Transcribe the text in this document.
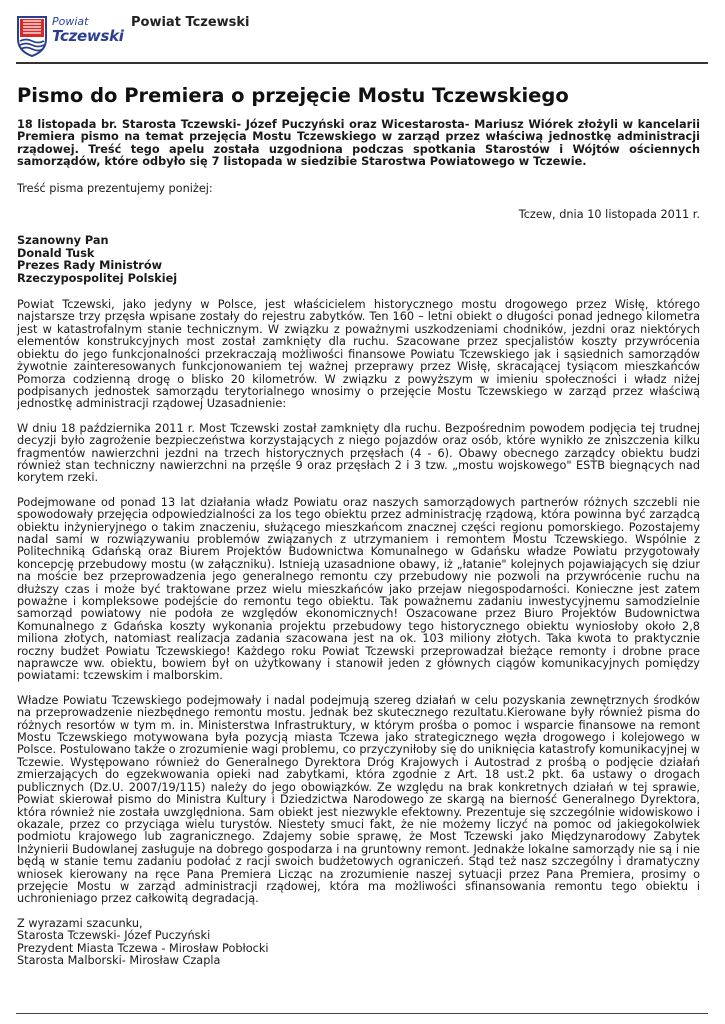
Powiat
Tczewski
Powiat Tczewski
Pismo do Premiera o przejęcie Mostu Tczewskiego

18 listopada br. Starosta Tczewski- Józef Puczyński oraz Wicestarosta- Mariusz Wiórek złożyli w kancelarii Premiera pismo na temat przejęcia Mostu Tczewskiego w zarząd przez właściwą jednostkę administracji rządowej. Treść tego apelu została uzgodniona podczas spotkania Starostów i Wójtów ościennych samorządów, które odbyło się 7 listopada w siedzibie Starostwa Powiatowego w Tczewie.

Treść pisma prezentujemy poniżej:

Tczew, dnia 10 listopada 2011 r.

Szanowny Pan
Donald Tusk
Prezes Rady Ministrów
Rzeczypospolitej Polskiej

Powiat Tczewski, jako jedyny w Polsce, jest właścicielem historycznego mostu drogowego przez Wisłę, którego najstarsze trzy przęsła wpisane zostały do rejestru zabytków. Ten 160 – letni obiekt o długości ponad jednego kilometra jest w katastrofalnym stanie technicznym. W związku z poważnymi uszkodzeniami chodników, jezdni oraz niektórych elementów konstrukcyjnych most został zamknięty dla ruchu. Szacowane przez specjalistów koszty przywrócenia obiektu do jego funkcjonalności przekraczają możliwości finansowe Powiatu Tczewskiego jak i sąsiednich samorządów żywotnie zainteresowanych funkcjonowaniem tej ważnej przeprawy przez Wisłę, skracającej tysiącom mieszkańców Pomorza codzienną drogę o blisko 20 kilometrów. W związku z powyższym w imieniu społeczności i władz niżej podpisanych jednostek samorządu terytorialnego wnosimy o przejęcie Mostu Tczewskiego w zarząd przez właściwą jednostkę administracji rządowej Uzasadnienie:

W dniu 18 października 2011 r. Most Tczewski został zamknięty dla ruchu. Bezpośrednim powodem podjęcia tej trudnej decyzji było zagrożenie bezpieczeństwa korzystających z niego pojazdów oraz osób, które wynikło ze zniszczenia kilku fragmentów nawierzchni jezdni na trzech historycznych przęsłach (4 - 6). Obawy obecnego zarządcy obiektu budzi również stan techniczny nawierzchni na przęśle 9 oraz przęsłach 2 i 3 tzw. „mostu wojskowego" ESTB biegnących nad korytem rzeki.

Podejmowane od ponad 13 lat działania władz Powiatu oraz naszych samorządowych partnerów różnych szczebli nie spowodowały przejęcia odpowiedzialności za los tego obiektu przez administrację rządową, która powinna być zarządcą obiektu inżynieryjnego o takim znaczeniu, służącego mieszkańcom znacznej części regionu pomorskiego. Pozostajemy nadal sami w rozwiązywaniu problemów związanych z utrzymaniem i remontem Mostu Tczewskiego. Wspólnie z Politechniką Gdańską oraz Biurem Projektów Budownictwa Komunalnego w Gdańsku władze Powiatu przygotowały koncepcję przebudowy mostu (w załączniku). Istnieją uzasadnione obawy, iż „łatanie" kolejnych pojawiających się dziur na moście bez przeprowadzenia jego generalnego remontu czy przebudowy nie pozwoli na przywrócenie ruchu na dłuższy czas i może być traktowane przez wielu mieszkańców jako przejaw niegospodarności. Konieczne jest zatem poważne i kompleksowe podejście do remontu tego obiektu. Tak poważnemu zadaniu inwestycyjnemu samodzielnie samorząd powiatowy nie podoła ze względów ekonomicznych! Oszacowane przez Biuro Projektów Budownictwa Komunalnego z Gdańska koszty wykonania projektu przebudowy tego historycznego obiektu wyniosłoby około 2,8 miliona złotych, natomiast realizacja zadania szacowana jest na ok. 103 miliony złotych. Taka kwota to praktycznie roczny budżet Powiatu Tczewskiego! Każdego roku Powiat Tczewski przeprowadzał bieżące remonty i drobne prace naprawcze ww. obiektu, bowiem był on użytkowany i stanowił jeden z głównych ciągów komunikacyjnych pomiędzy powiatami: tczewskim i malborskim.

Władze Powiatu Tczewskiego podejmowały i nadal podejmują szereg działań w celu pozyskania zewnętrznych środków na przeprowadzenie niezbędnego remontu mostu. Jednak bez skutecznego rezultatu.Kierowane były również pisma do różnych resortów w tym m. in. Ministerstwa Infrastruktury, w którym prośba o pomoc i wsparcie finansowe na remont Mostu Tczewskiego motywowana była pozycją miasta Tczewa jako strategicznego węzła drogowego i kolejowego w Polsce. Postulowano także o zrozumienie wagi problemu, co przyczyniłoby się do uniknięcia katastrofy komunikacyjnej w Tczewie. Występowano również do Generalnego Dyrektora Dróg Krajowych i Autostrad z prośbą o podjęcie działań zmierzających do egzekwowania opieki nad zabytkami, która zgodnie z Art. 18 ust.2 pkt. 6a ustawy o drogach publicznych (Dz.U. 2007/19/115) należy do jego obowiązków. Ze względu na brak konkretnych działań w tej sprawie, Powiat skierował pismo do Ministra Kultury i Dziedzictwa Narodowego ze skargą na bierność Generalnego Dyrektora, która również nie została uwzględniona. Sam obiekt jest niezwykle efektowny. Prezentuje się szczególnie widowiskowo i okazale, przez co przyciąga wielu turystów. Niestety smuci fakt, że nie możemy liczyć na pomoc od jakiegokolwiek podmiotu krajowego lub zagranicznego. Zdajemy sobie sprawę, że Most Tczewski jako Międzynarodowy Zabytek Inżynierii Budowlanej zasługuje na dobrego gospodarza i na gruntowny remont. Jednakże lokalne samorządy nie są i nie będą w stanie temu zadaniu podołać z racji swoich budżetowych ograniczeń. Stąd też nasz szczególny i dramatyczny wniosek kierowany na ręce Pana Premiera Licząc na zrozumienie naszej sytuacji przez Pana Premiera, prosimy o przejęcie Mostu w zarząd administracji rządowej, która ma możliwości sfinansowania remontu tego obiektu i uchronieniago przez całkowitą degradacją.

Z wyrazami szacunku,
Starosta Tczewski- Józef Puczyński
Prezydent Miasta Tczewa - Mirosław Pobłocki
Starosta Malborski- Mirosław Czapla
